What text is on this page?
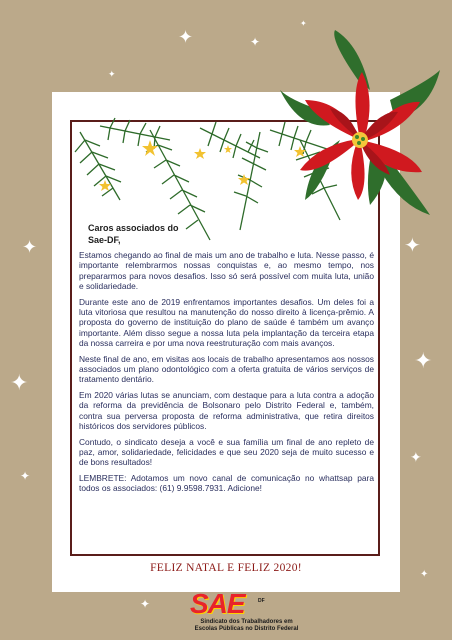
✦	✦
✦
✦
✦
✦
✦
✦
✦
✦
✦
✦
Caros associados do
Sae-DF,

Estamos chegando ao final de mais um ano de trabalho e luta. Nesse passo, é importante relembrarmos nossas conquistas e, ao mesmo tempo, nos prepararmos para novos desafios. Isso só será possível com muita luta, união e solidariedade.

Durante este ano de 2019 enfrentamos importantes desafios. Um deles foi a luta vitoriosa que resultou na manutenção do nosso direito à licença-prêmio. A proposta do governo de instituição do plano de saúde é também um avanço importante. Além disso segue a nossa luta pela implantação da terceira etapa da nossa carreira e por uma nova reestruturação com mais avanços.

Neste final de ano, em visitas aos locais de trabalho apresentamos aos nossos associados um plano odontológico com a oferta gratuita de vários serviços de tratamento dentário.

Em 2020 várias lutas se anunciam, com destaque para a luta contra a adoção da reforma da previdência de Bolsonaro pelo Distrito Federal e, também, contra sua perversa proposta de reforma administrativa, que retira direitos históricos dos servidores públicos.

Contudo, o sindicato deseja a você e sua família um final de ano repleto de paz, amor, solidariedade, felicidades e que seu 2020 seja de muito sucesso e de bons resultados!

LEMBRETE: Adotamos um novo canal de comunicação no whattsap para todos os associados: (61) 9.9598.7931. Adicione!

FELIZ NATAL E FELIZ 2020!
SAE	DF
Sindicato dos Trabalhadores em
Escolas Públicas no Distrito Federal
